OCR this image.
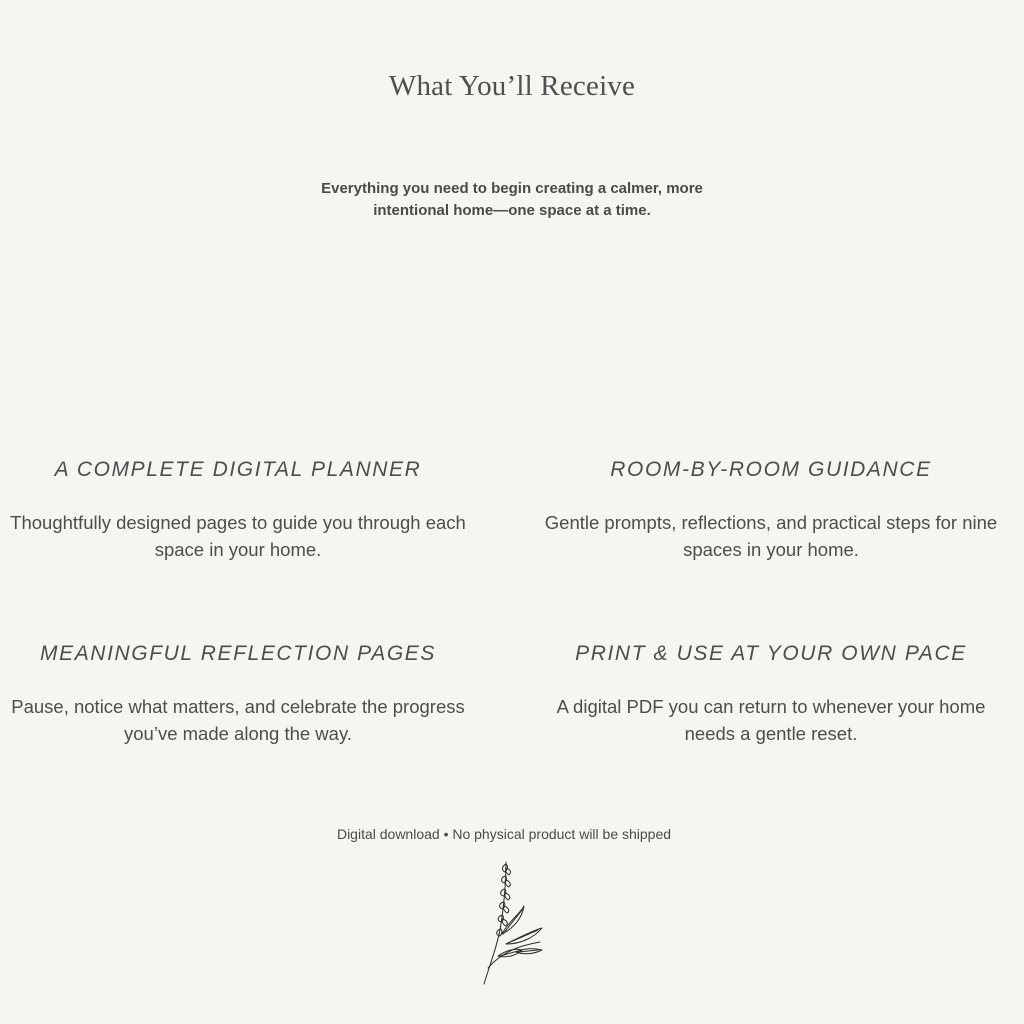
What You’ll Receive

Everything you need to begin creating a calmer, more intentional home—one space at a time.

A COMPLETE DIGITAL PLANNER
Thoughtfully designed pages to guide you through each space in your home.
ROOM-BY-ROOM GUIDANCE
Gentle prompts, reflections, and practical steps for nine spaces in your home.
MEANINGFUL REFLECTION PAGES
Pause, notice what matters, and celebrate the progress you’ve made along the way.
PRINT & USE AT YOUR OWN PACE
A digital PDF you can return to whenever your home needs a gentle reset.
Digital download • No physical product will be shipped
